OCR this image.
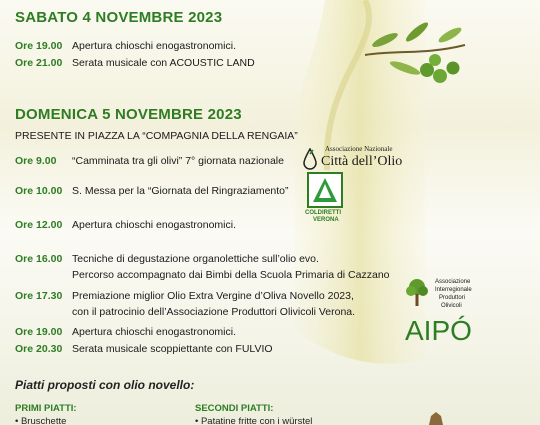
SABATO 4 NOVEMBRE 2023
Ore 19.00 Apertura chioschi enogastronomici.
Ore 21.00 Serata musicale con ACOUSTIC LAND
DOMENICA 5 NOVEMBRE 2023
PRESENTE IN PIAZZA LA “COMPAGNIA DELLA RENGAIA”
Ore 9.00 “Camminata tra gli olivi” 7° giornata nazionale
Ore 10.00 S. Messa per la “Giornata del Ringraziamento”
Ore 12.00 Apertura chioschi enogastronomici.
Ore 16.00 Tecniche di degustazione organolettiche sull’olio evo.
Percorso accompagnato dai Bimbi della Scuola Primaria di Cazzano
Ore 17.30 Premiazione miglior Olio Extra Vergine d’Oliva Novello 2023,
con il patrocinio dell’Associazione Produttori Olivicoli Verona.
Ore 19.00 Apertura chioschi enogastronomici.
Ore 20.30 Serata musicale scoppiettante con FULVIO
Piatti proposti con olio novello:
PRIMI PIATTI:
• Bruschette
SECONDI PIATTI:
• Patatine fritte con i würstel
Associazione Nazionale
Città dell’Olio
COLDIRETTI
VERONA
Associazione
Interregionale
Produttori
Olivicoli
AIPÓ
